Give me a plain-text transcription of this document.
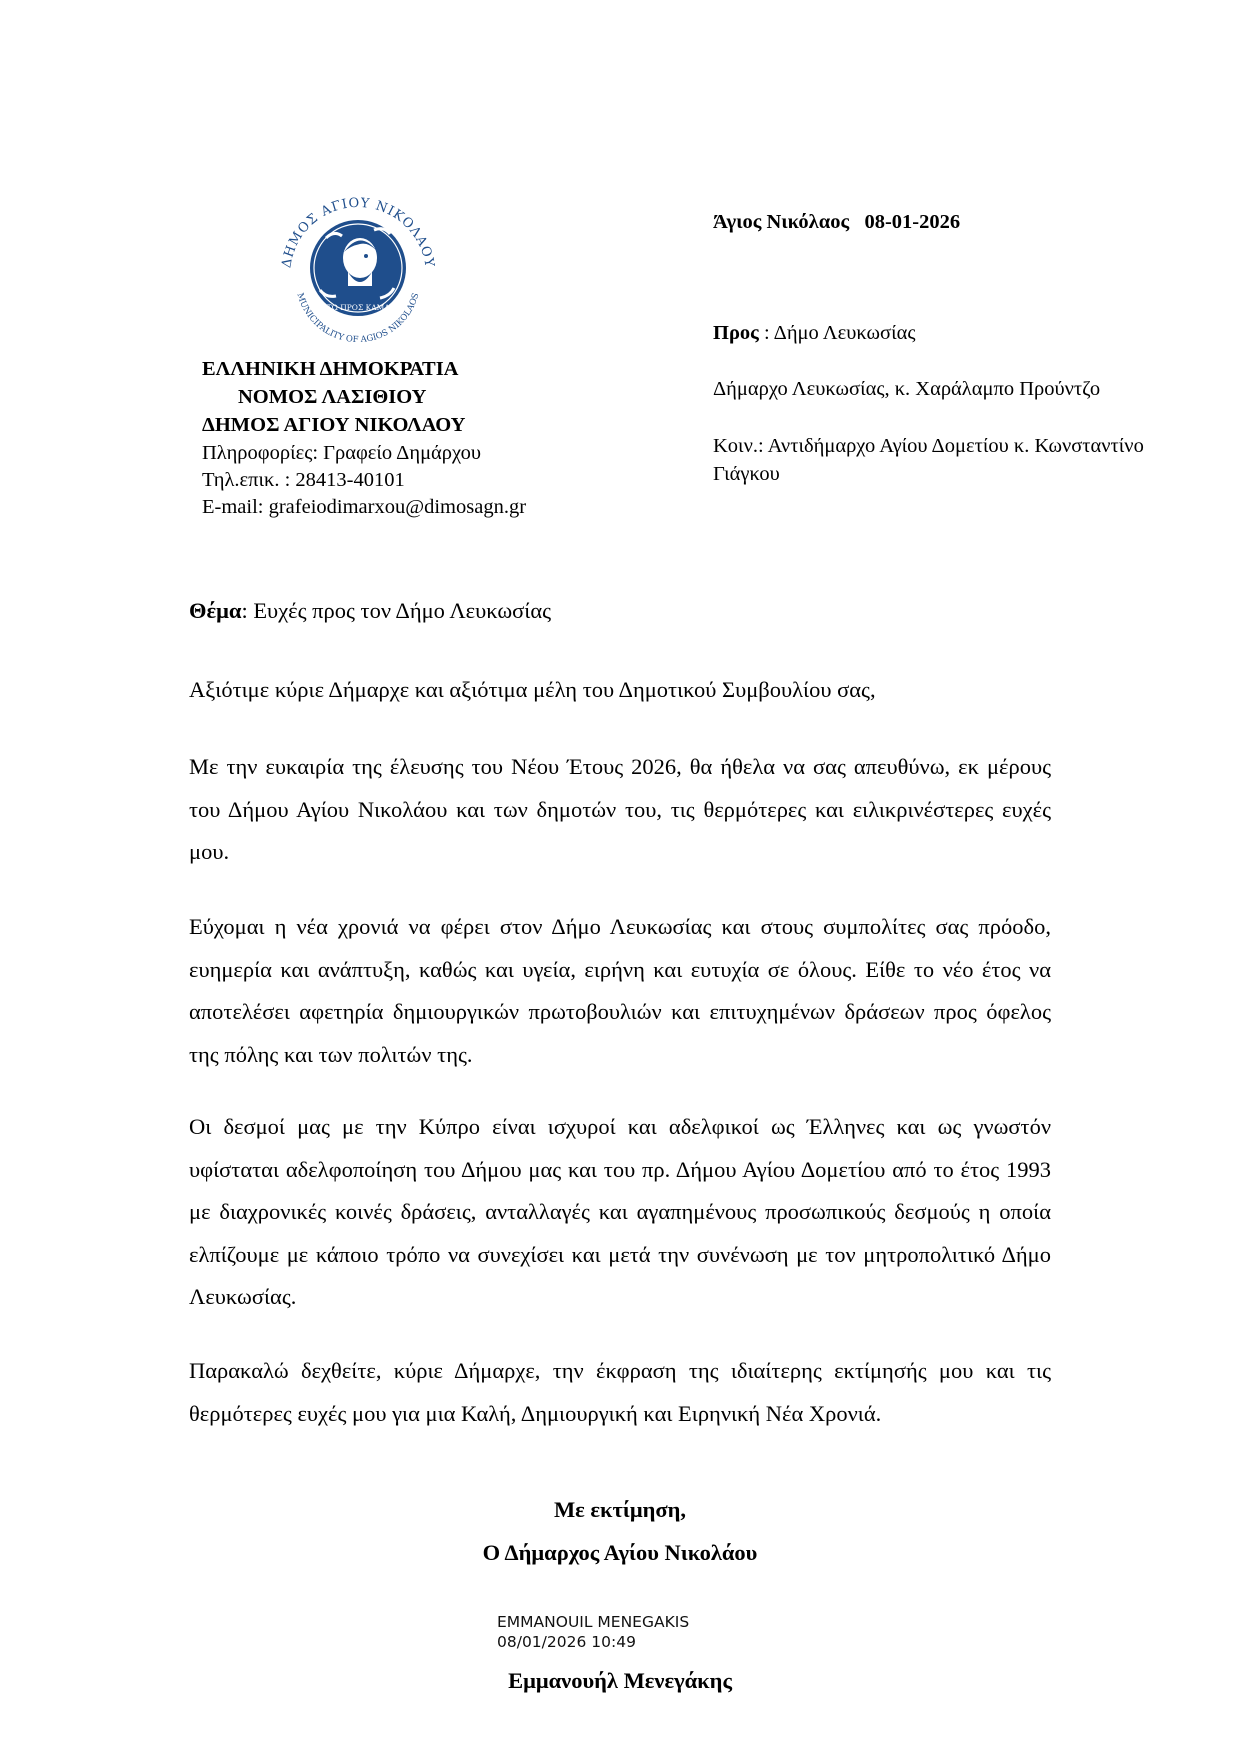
ΔΗΜΟΣ ΑΓΙΟΥ ΝΙΚΟΛΑΟΥ
MUNICIPALITY OF AGIOS NIKOLAOS
ΛΑΤΩ ΠΡΟΣ ΚΑΜΑΡΑ
ΕΛΛΗΝΙΚΗ ΔΗΜΟΚΡΑΤΙΑ
ΝΟΜΟΣ ΛΑΣΙΘΙΟΥ
ΔΗΜΟΣ ΑΓΙΟΥ ΝΙΚΟΛΑΟΥ
Πληροφορίες: Γραφείο Δημάρχου
Τηλ.επικ. : 28413-40101
E-mail: grafeiodimarxou@dimosagn.gr
Άγιος Νικόλαος   08-01-2026
Προς : Δήμο Λευκωσίας
Δήμαρχο Λευκωσίας, κ. Χαράλαμπο Προύντζο
Κοιν.: Αντιδήμαρχο Αγίου Δομετίου κ. Κωνσταντίνο Γιάγκου
Θέμα: Ευχές προς τον Δήμο Λευκωσίας
Αξιότιμε κύριε Δήμαρχε και αξιότιμα μέλη του Δημοτικού Συμβουλίου σας,
Με την ευκαιρία της έλευσης του Νέου Έτους 2026, θα ήθελα να σας απευθύνω, εκ μέρους του Δήμου Αγίου Νικολάου και των δημοτών του, τις θερμότερες και ειλικρινέστερες ευχές μου.
Εύχομαι η νέα χρονιά να φέρει στον Δήμο Λευκωσίας και στους συμπολίτες σας πρόοδο, ευημερία και ανάπτυξη, καθώς και υγεία, ειρήνη και ευτυχία σε όλους. Είθε το νέο έτος να αποτελέσει αφετηρία δημιουργικών πρωτοβουλιών και επιτυχημένων δράσεων προς όφελος της πόλης και των πολιτών της.
Οι δεσμοί μας με την Κύπρο είναι ισχυροί και αδελφικοί ως Έλληνες και ως γνωστόν υφίσταται αδελφοποίηση του Δήμου μας και του πρ. Δήμου Αγίου Δομετίου από το έτος 1993 με διαχρονικές κοινές δράσεις, ανταλλαγές και αγαπημένους προσωπικούς δεσμούς η οποία ελπίζουμε με κάποιο τρόπο να συνεχίσει και μετά την συνένωση με τον μητροπολιτικό Δήμο Λευκωσίας.
Παρακαλώ δεχθείτε, κύριε Δήμαρχε, την έκφραση της ιδιαίτερης εκτίμησής μου και τις θερμότερες ευχές μου για μια Καλή, Δημιουργική και Ειρηνική Νέα Χρονιά.
Με εκτίμηση,
Ο Δήμαρχος Αγίου Νικολάου
EMMANOUIL MENEGAKIS
08/01/2026 10:49
Εμμανουήλ Μενεγάκης
